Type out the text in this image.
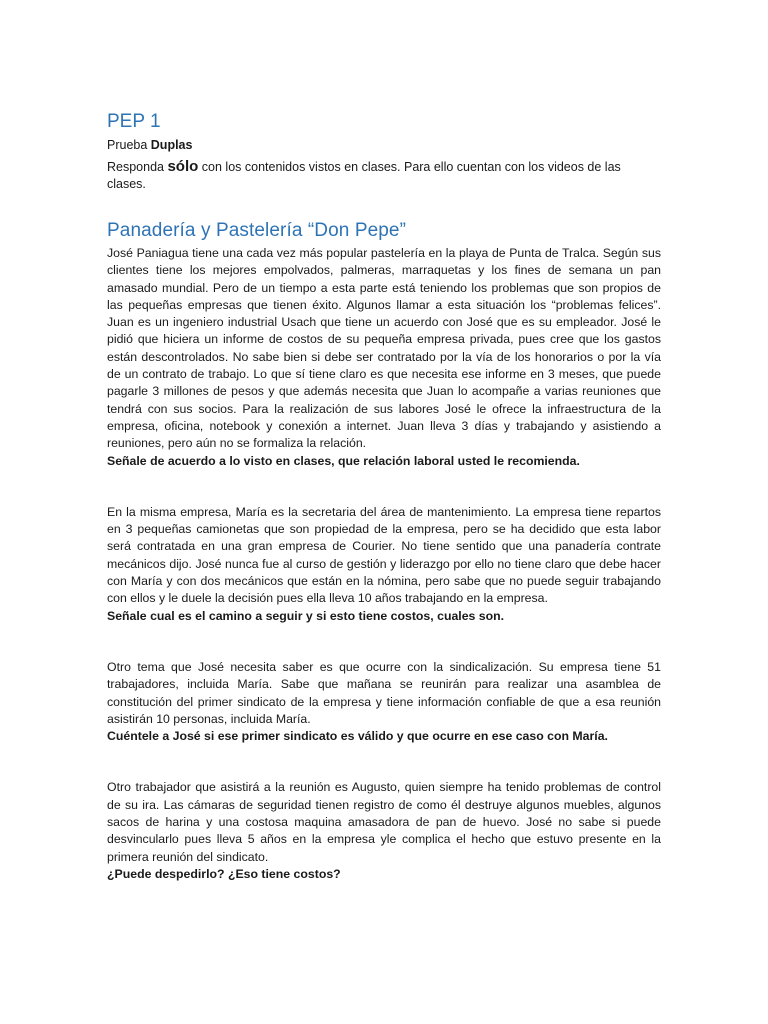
PEP 1

Prueba Duplas

Responda sólo con los contenidos vistos en clases. Para ello cuentan con los videos de las clases.

Panadería y Pastelería “Don Pepe”

José Paniagua tiene una cada vez más popular pastelería en la playa de Punta de Tralca. Según sus clientes tiene los mejores empolvados, palmeras, marraquetas y los fines de semana un pan amasado mundial. Pero de un tiempo a esta parte está teniendo los problemas que son propios de las pequeñas empresas que tienen éxito. Algunos llamar a esta situación los “problemas felices”. Juan es un ingeniero industrial Usach que tiene un acuerdo con José que es su empleador. José le pidió que hiciera un informe de costos de su pequeña empresa privada, pues cree que los gastos están descontrolados. No sabe bien si debe ser contratado por la vía de los honorarios o por la vía de un contrato de trabajo. Lo que sí tiene claro es que necesita ese informe en 3 meses, que puede pagarle 3 millones de pesos y que además necesita que Juan lo acompañe a varias reuniones que tendrá con sus socios. Para la realización de sus labores José le ofrece la infraestructura de la empresa, oficina, notebook y conexión a internet. Juan lleva 3 días y trabajando y asistiendo a reuniones, pero aún no se formaliza la relación.

Señale de acuerdo a lo visto en clases, que relación laboral usted le recomienda.

En la misma empresa, María es la secretaria del área de mantenimiento. La empresa tiene repartos en 3 pequeñas camionetas que son propiedad de la empresa, pero se ha decidido que esta labor será contratada en una gran empresa de Courier. No tiene sentido que una panadería contrate mecánicos dijo. José nunca fue al curso de gestión y liderazgo por ello no tiene claro que debe hacer con María y con dos mecánicos que están en la nómina, pero sabe que no puede seguir trabajando con ellos y le duele la decisión pues ella lleva 10 años trabajando en la empresa.

Señale cual es el camino a seguir y si esto tiene costos, cuales son.

Otro tema que José necesita saber es que ocurre con la sindicalización. Su empresa tiene 51 trabajadores, incluida María. Sabe que mañana se reunirán para realizar una asamblea de constitución del primer sindicato de la empresa y tiene información confiable de que a esa reunión asistirán 10 personas, incluida María.

Cuéntele a José si ese primer sindicato es válido y que ocurre en ese caso con María.

Otro trabajador que asistirá a la reunión es Augusto, quien siempre ha tenido problemas de control de su ira. Las cámaras de seguridad tienen registro de como él destruye algunos muebles, algunos sacos de harina y una costosa maquina amasadora de pan de huevo. José no sabe si puede desvincularlo pues lleva 5 años en la empresa yle complica el hecho que estuvo presente en la primera reunión del sindicato.

¿Puede despedirlo? ¿Eso tiene costos?
